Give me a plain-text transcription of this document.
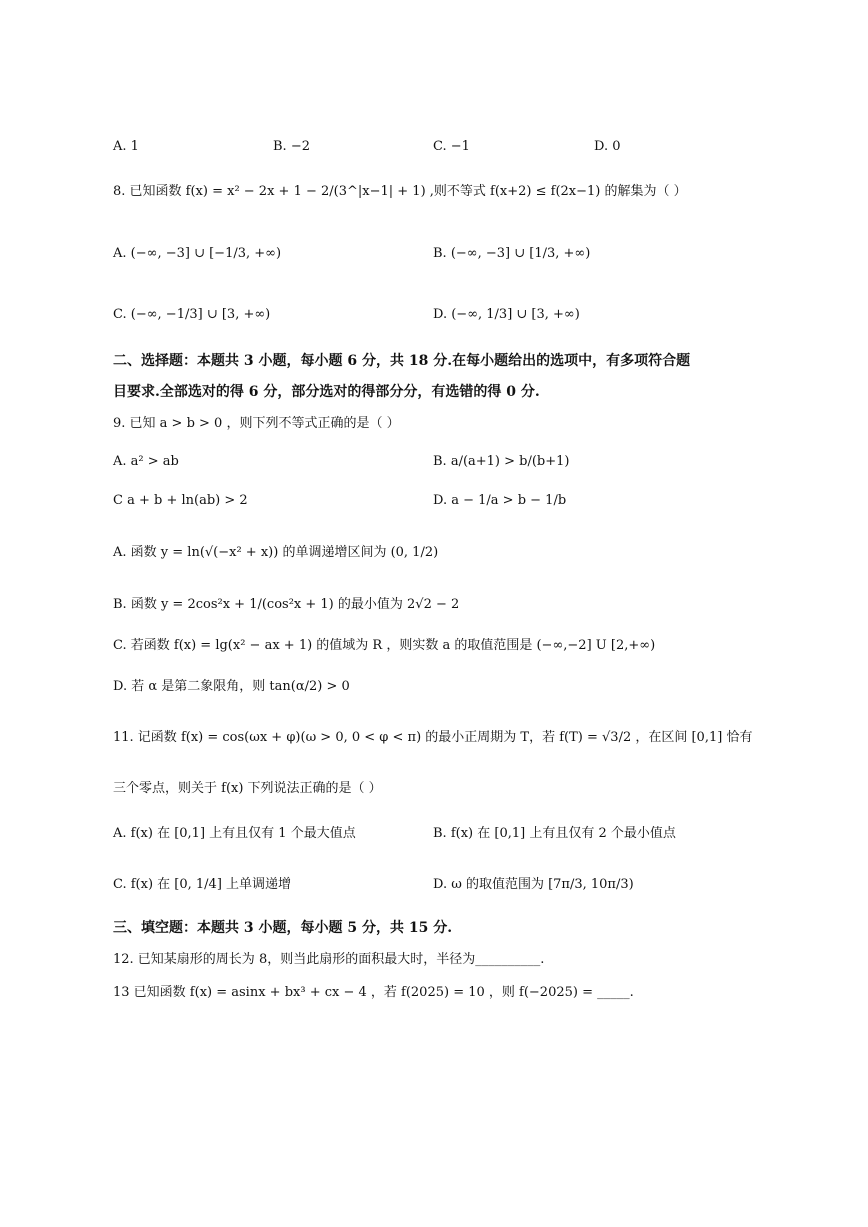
A. 1	B. −2	C. −1	D. 0
8. 已知函数 f(x) = x² − 2x + 1 − 2/(3^|x−1| + 1) ,则不等式 f(x+2) ≤ f(2x−1) 的解集为（ ）
A. (−∞, −3] ∪ [−1/3, +∞)	B. (−∞, −3] ∪ [1/3, +∞)
C. (−∞, −1/3] ∪ [3, +∞)	D. (−∞, 1/3] ∪ [3, +∞)
二、选择题：本题共 3 小题，每小题 6 分，共 18 分.在每小题给出的选项中，有多项符合题
目要求.全部选对的得 6 分，部分选对的得部分分，有选错的得 0 分.
9. 已知 a > b > 0 ，则下列不等式正确的是（ ）
A. a² > ab	B. a/(a+1) > b/(b+1)
C a + b + ln(ab) > 2	D. a − 1/a > b − 1/b
A. 函数 y = ln(√(−x² + x)) 的单调递增区间为 (0, 1/2)
B. 函数 y = 2cos²x + 1/(cos²x + 1) 的最小值为 2√2 − 2
C. 若函数 f(x) = lg(x² − ax + 1) 的值域为 R ，则实数 a 的取值范围是 (−∞,−2] U [2,+∞)
D. 若 α 是第二象限角，则 tan(α/2) > 0
11. 记函数 f(x) = cos(ωx + φ)(ω > 0, 0 < φ < π) 的最小正周期为 T，若 f(T) = √3/2 ，在区间 [0,1] 恰有
三个零点，则关于 f(x) 下列说法正确的是（ ）
A. f(x) 在 [0,1] 上有且仅有 1 个最大值点	B. f(x) 在 [0,1] 上有且仅有 2 个最小值点
C. f(x) 在 [0, 1/4] 上单调递增	D. ω 的取值范围为 [7π/3, 10π/3)
三、填空题：本题共 3 小题，每小题 5 分，共 15 分.
12. 已知某扇形的周长为 8，则当此扇形的面积最大时，半径为__________.
13 已知函数 f(x) = asinx + bx³ + cx − 4 ，若 f(2025) = 10 ，则 f(−2025) = _____.
